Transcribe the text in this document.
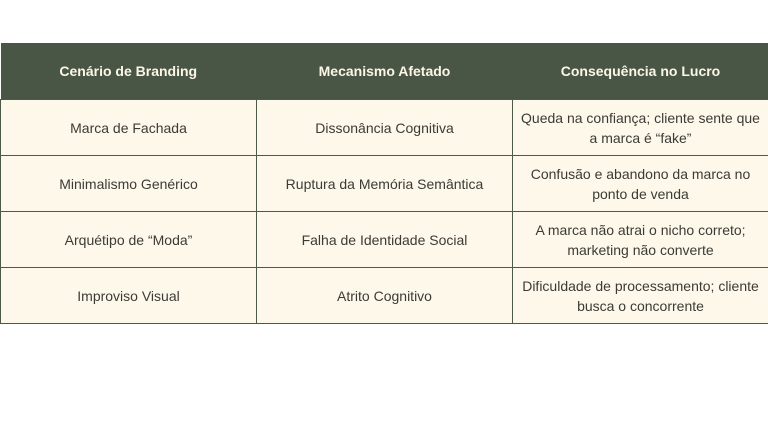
Cenário de Branding	Mecanismo Afetado	Consequência no Lucro
Marca de Fachada	Dissonância Cognitiva	Queda na confiança; cliente sente que a marca é “fake”
Minimalismo Genérico	Ruptura da Memória Semântica	Confusão e abandono da marca no ponto de venda
Arquétipo de “Moda”	Falha de Identidade Social	A marca não atrai o nicho correto; marketing não converte
Improviso Visual	Atrito Cognitivo	Dificuldade de processamento; cliente busca o concorrente
